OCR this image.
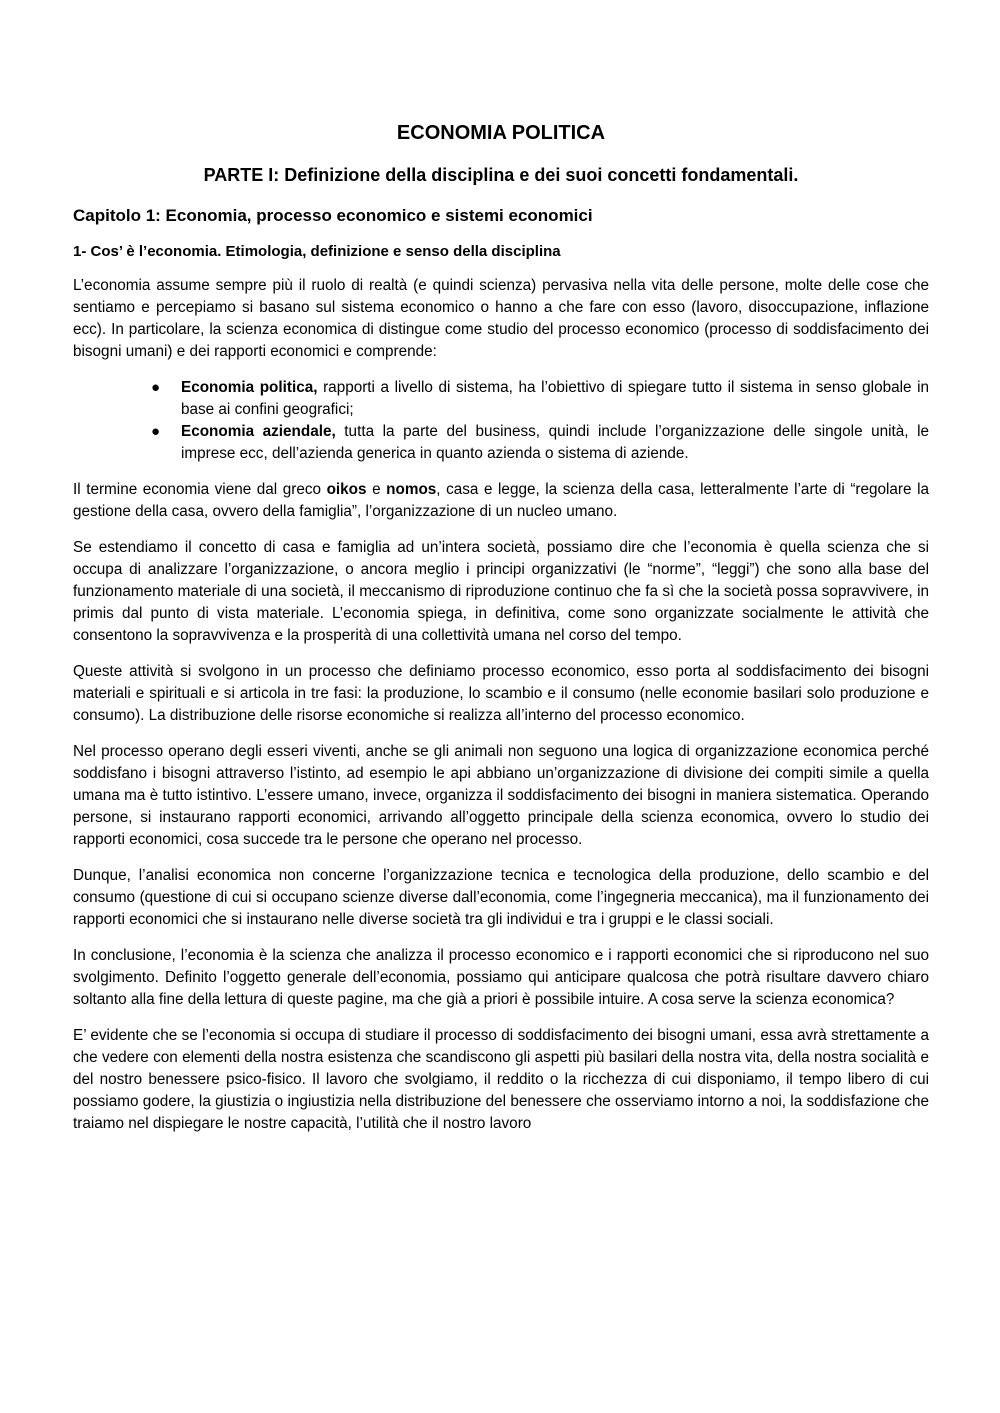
ECONOMIA POLITICA
PARTE I: Definizione della disciplina e dei suoi concetti fondamentali.
Capitolo 1: Economia, processo economico e sistemi economici
1- Cos’ è l’economia. Etimologia, definizione e senso della disciplina

L’economia assume sempre più il ruolo di realtà (e quindi scienza) pervasiva nella vita delle persone, molte delle cose che sentiamo e percepiamo si basano sul sistema economico o hanno a che fare con esso (lavoro, disoccupazione, inflazione ecc). In particolare, la scienza economica di distingue come studio del processo economico (processo di soddisfacimento dei bisogni umani) e dei rapporti economici e comprende:

● Economia politica, rapporti a livello di sistema, ha l’obiettivo di spiegare tutto il sistema in senso globale in base ai confini geografici;
● Economia aziendale, tutta la parte del business, quindi include l’organizzazione delle singole unità, le imprese ecc, dell’azienda generica in quanto azienda o sistema di aziende.

Il termine economia viene dal greco oikos e nomos, casa e legge, la scienza della casa, letteralmente l’arte di “regolare la gestione della casa, ovvero della famiglia”, l’organizzazione di un nucleo umano.

Se estendiamo il concetto di casa e famiglia ad un’intera società, possiamo dire che l’economia è quella scienza che si occupa di analizzare l’organizzazione, o ancora meglio i principi organizzativi (le “norme”, “leggi”) che sono alla base del funzionamento materiale di una società, il meccanismo di riproduzione continuo che fa sì che la società possa sopravvivere, in primis dal punto di vista materiale. L’economia spiega, in definitiva, come sono organizzate socialmente le attività che consentono la sopravvivenza e la prosperità di una collettività umana nel corso del tempo.

Queste attività si svolgono in un processo che definiamo processo economico, esso porta al soddisfacimento dei bisogni materiali e spirituali e si articola in tre fasi: la produzione, lo scambio e il consumo (nelle economie basilari solo produzione e consumo). La distribuzione delle risorse economiche si realizza all’interno del processo economico.

Nel processo operano degli esseri viventi, anche se gli animali non seguono una logica di organizzazione economica perché soddisfano i bisogni attraverso l’istinto, ad esempio le api abbiano un’organizzazione di divisione dei compiti simile a quella umana ma è tutto istintivo. L’essere umano, invece, organizza il soddisfacimento dei bisogni in maniera sistematica. Operando persone, si instaurano rapporti economici, arrivando all’oggetto principale della scienza economica, ovvero lo studio dei rapporti economici, cosa succede tra le persone che operano nel processo.

Dunque, l’analisi economica non concerne l’organizzazione tecnica e tecnologica della produzione, dello scambio e del consumo (questione di cui si occupano scienze diverse dall’economia, come l’ingegneria meccanica), ma il funzionamento dei rapporti economici che si instaurano nelle diverse società tra gli individui e tra i gruppi e le classi sociali.

In conclusione, l’economia è la scienza che analizza il processo economico e i rapporti economici che si riproducono nel suo svolgimento. Definito l’oggetto generale dell’economia, possiamo qui anticipare qualcosa che potrà risultare davvero chiaro soltanto alla fine della lettura di queste pagine, ma che già a priori è possibile intuire. A cosa serve la scienza economica?

E’ evidente che se l’economia si occupa di studiare il processo di soddisfacimento dei bisogni umani, essa avrà strettamente a che vedere con elementi della nostra esistenza che scandiscono gli aspetti più basilari della nostra vita, della nostra socialità e del nostro benessere psico-fisico. Il lavoro che svolgiamo, il reddito o la ricchezza di cui disponiamo, il tempo libero di cui possiamo godere, la giustizia o ingiustizia nella distribuzione del benessere che osserviamo intorno a noi, la soddisfazione che traiamo nel dispiegare le nostre capacità, l’utilità che il nostro lavoro
